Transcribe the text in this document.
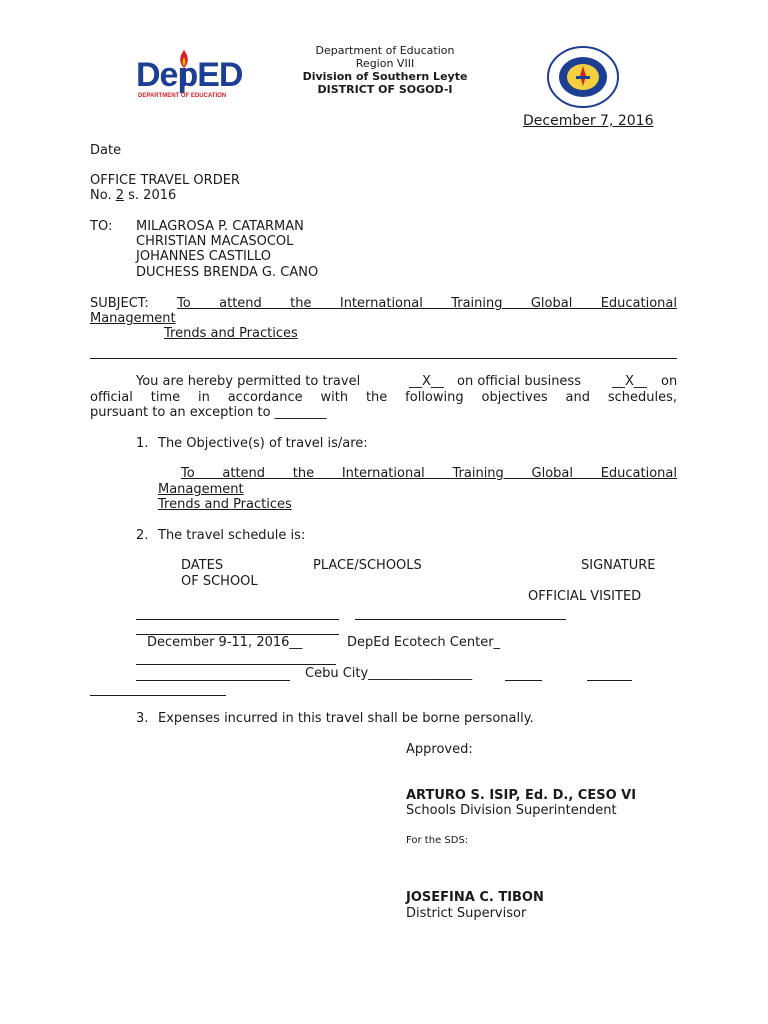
DepED
DEPARTMENT OF EDUCATION
Department of Education
Region VIII
Division of Southern Leyte
DISTRICT OF SOGOD-I
December 7, 2016
Date
OFFICE TRAVEL ORDER
No. 2 s. 2016
TO: MILAGROSA P. CATARMAN
CHRISTIAN MACASOCOL
JOHANNES CASTILLO
DUCHESS BRENDA G. CANO
SUBJECT: To attend the International Training Global Educational
Management
Trends and Practices
You are hereby permitted to travel	__X__ on official business __X__ on
official time in accordance with the following objectives and schedules,
pursuant to an exception to ________
1. The Objective(s) of travel is/are:
To attend the International Training Global Educational
Management
Trends and Practices
2. The travel schedule is:
DATES	PLACE/SCHOOLS	SIGNATURE
OF SCHOOL
OFFICIAL VISITED
December 9-11, 2016__	DepEd Ecotech Center_
Cebu City________________
3. Expenses incurred in this travel shall be borne personally.
Approved:
ARTURO S. ISIP, Ed. D., CESO VI
Schools Division Superintendent
For the SDS:
JOSEFINA C. TIBON
District Supervisor
